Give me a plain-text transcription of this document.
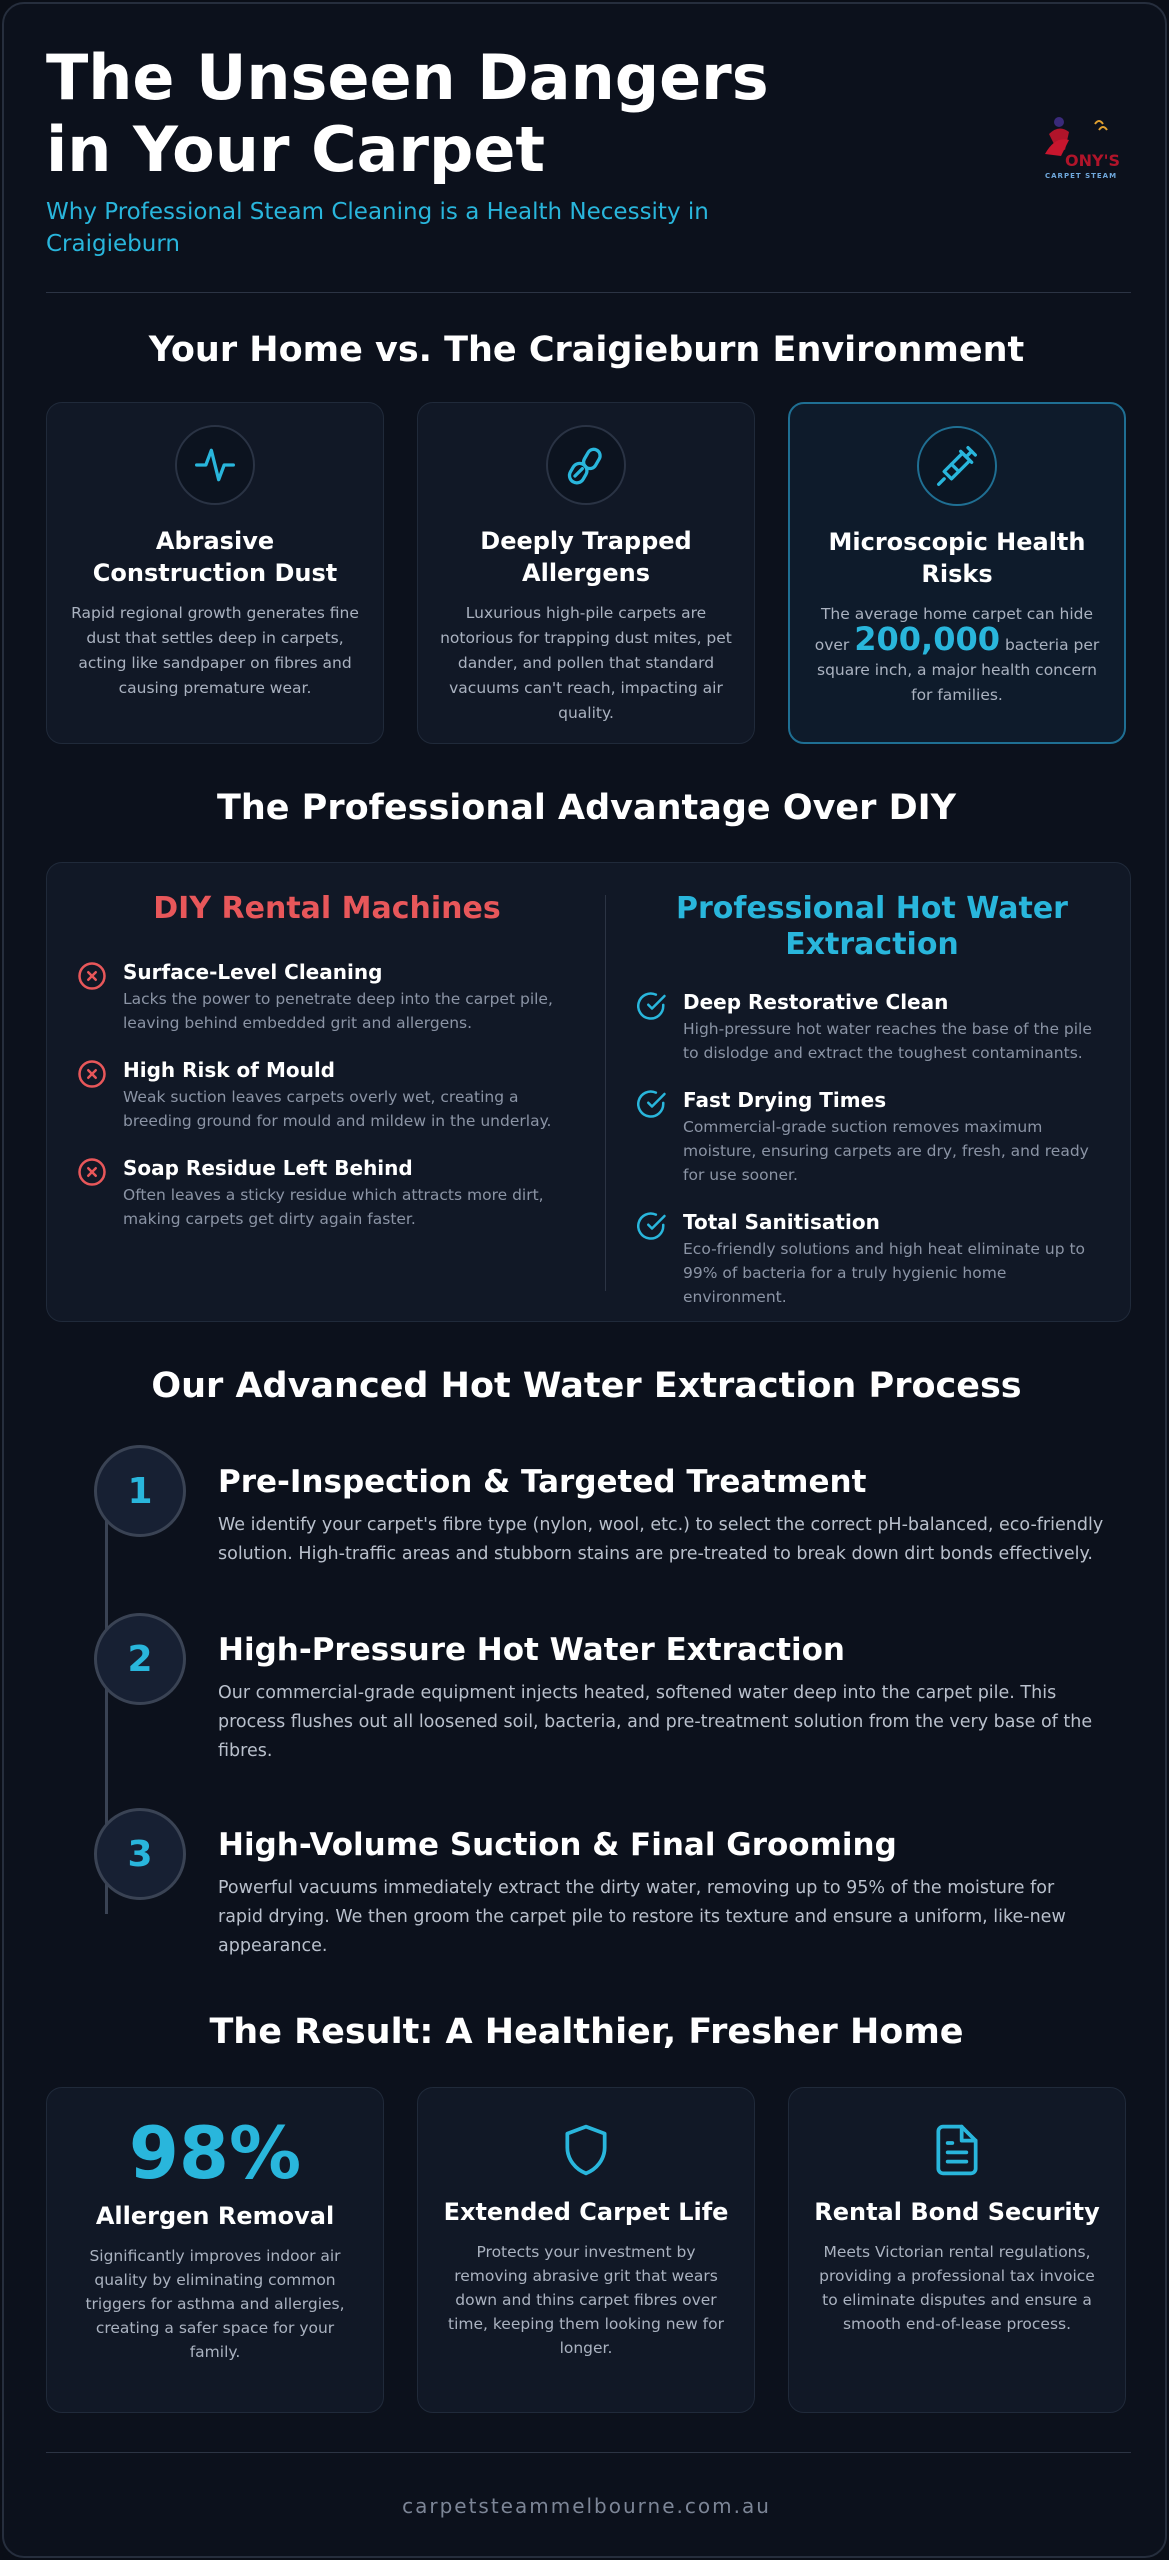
The Unseen Dangers in Your Carpet

Why Professional Steam Cleaning is a Health Necessity in Craigieburn

ONY'S
CARPET STEAM
Your Home vs. The Craigieburn Environment
Abrasive Construction Dust
Rapid regional growth generates fine dust that settles deep in carpets, acting like sandpaper on fibres and causing premature wear.
Deeply Trapped Allergens
Luxurious high-pile carpets are notorious for trapping dust mites, pet dander, and pollen that standard vacuums can't reach, impacting air quality.
Microscopic Health Risks
The average home carpet can hide over 200,000 bacteria per square inch, a major health concern for families.
The Professional Advantage Over DIY
DIY Rental Machines
Surface-Level Cleaning
Lacks the power to penetrate deep into the carpet pile, leaving behind embedded grit and allergens.
High Risk of Mould
Weak suction leaves carpets overly wet, creating a breeding ground for mould and mildew in the underlay.
Soap Residue Left Behind
Often leaves a sticky residue which attracts more dirt, making carpets get dirty again faster.
Professional Hot Water Extraction
Deep Restorative Clean
High-pressure hot water reaches the base of the pile to dislodge and extract the toughest contaminants.
Fast Drying Times
Commercial-grade suction removes maximum moisture, ensuring carpets are dry, fresh, and ready for use sooner.
Total Sanitisation
Eco-friendly solutions and high heat eliminate up to 99% of bacteria for a truly hygienic home environment.
Our Advanced Hot Water Extraction Process
1	Pre-Inspection & Targeted Treatment
We identify your carpet's fibre type (nylon, wool, etc.) to select the correct pH-balanced, eco-friendly solution. High-traffic areas and stubborn stains are pre-treated to break down dirt bonds effectively.
2	High-Pressure Hot Water Extraction
Our commercial-grade equipment injects heated, softened water deep into the carpet pile. This process flushes out all loosened soil, bacteria, and pre-treatment solution from the very base of the fibres.
3	High-Volume Suction & Final Grooming
Powerful vacuums immediately extract the dirty water, removing up to 95% of the moisture for rapid drying. We then groom the carpet pile to restore its texture and ensure a uniform, like-new appearance.
The Result: A Healthier, Fresher Home
98%
Allergen Removal
Significantly improves indoor air quality by eliminating common triggers for asthma and allergies, creating a safer space for your family.
Extended Carpet Life
Protects your investment by removing abrasive grit that wears down and thins carpet fibres over time, keeping them looking new for longer.
Rental Bond Security
Meets Victorian rental regulations, providing a professional tax invoice to eliminate disputes and ensure a smooth end-of-lease process.
carpetsteammelbourne.com.au
